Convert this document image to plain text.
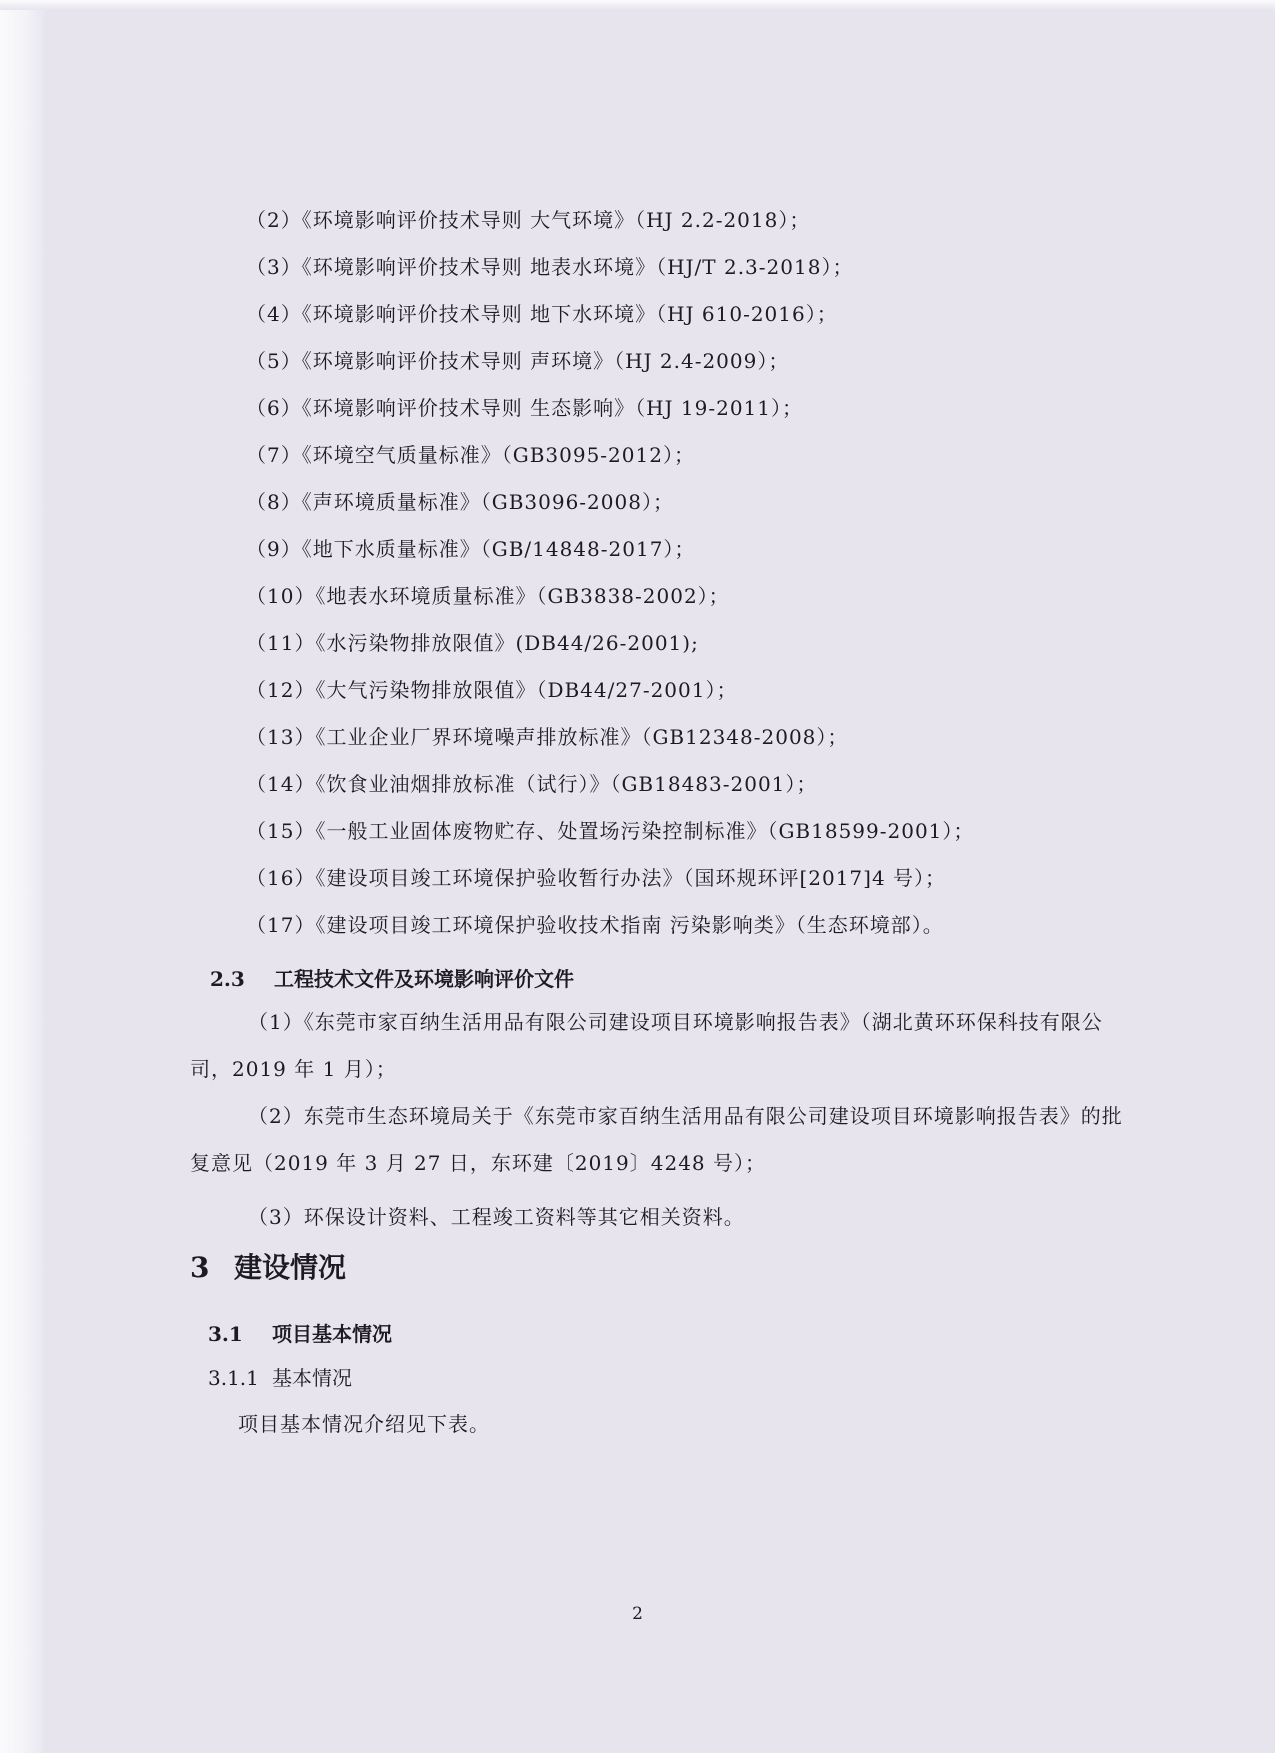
（2）《环境影响评价技术导则 大气环境》（HJ 2.2-2018）；
（3）《环境影响评价技术导则 地表水环境》（HJ/T 2.3-2018）；
（4）《环境影响评价技术导则 地下水环境》（HJ 610-2016）；
（5）《环境影响评价技术导则 声环境》（HJ 2.4-2009）；
（6）《环境影响评价技术导则 生态影响》（HJ 19-2011）；
（7）《环境空气质量标准》（GB3095-2012）；
（8）《声环境质量标准》（GB3096-2008）；
（9）《地下水质量标准》（GB/14848-2017）；
（10）《地表水环境质量标准》（GB3838-2002）；
（11）《水污染物排放限值》(DB44/26-2001);
（12）《大气污染物排放限值》（DB44/27-2001）；
（13）《工业企业厂界环境噪声排放标准》（GB12348-2008）；
（14）《饮食业油烟排放标准（试行）》（GB18483-2001）；
（15）《一般工业固体废物贮存、处置场污染控制标准》（GB18599-2001）；
（16）《建设项目竣工环境保护验收暂行办法》（国环规环评[2017]4 号）；
（17）《建设项目竣工环境保护验收技术指南 污染影响类》（生态环境部）。
2.3 工程技术文件及环境影响评价文件
（1）《东莞市家百纳生活用品有限公司建设项目环境影响报告表》（湖北黄环环保科技有限公司，2019 年 1 月）；
（2）东莞市生态环境局关于《东莞市家百纳生活用品有限公司建设项目环境影响报告表》的批复意见（2019 年 3 月 27 日，东环建〔2019〕4248 号）；
（3）环保设计资料、工程竣工资料等其它相关资料。
3 建设情况
3.1 项目基本情况
3.1.1 基本情况
项目基本情况介绍见下表。
2
